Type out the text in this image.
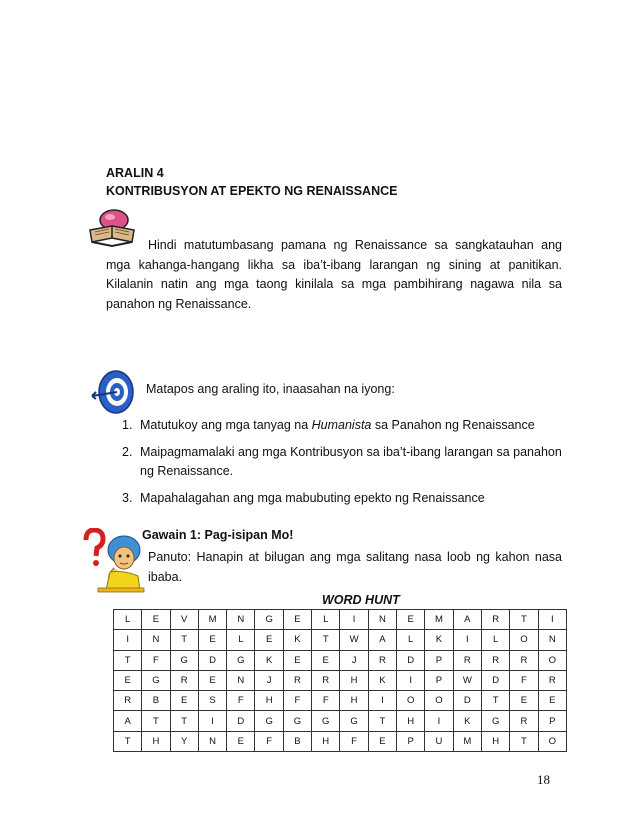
ARALIN 4
KONTRIBUSYON AT EPEKTO NG RENAISSANCE
Hindi matutumbasang pamana ng Renaissance sa sangkatauhan ang mga kahanga-hangang likha sa iba’t-ibang larangan ng sining at panitikan. Kilalanin natin ang mga taong kinilala sa mga pambihirang nagawa nila sa panahon ng Renaissance.
Matapos ang araling ito, inaasahan na iyong:
1. Matutukoy ang mga tanyag na Humanista sa Panahon ng Renaissance
2. Maipagmamalaki ang mga Kontribusyon sa iba’t-ibang larangan sa panahon ng Renaissance.
3. Mapahalagahan ang mga mabubuting epekto ng Renaissance
Gawain 1: Pag-isipan Mo!
Panuto: Hanapin at bilugan ang mga salitang nasa loob ng kahon nasa ibaba.
WORD HUNT
L	E	V	M	N	G	E	L	I	N	E	M	A	R	T	I
I	N	T	E	L	E	K	T	W	A	L	K	I	L	O	N
T	F	G	D	G	K	E	E	J	R	D	P	R	R	R	O
E	G	R	E	N	J	R	R	H	K	I	P	W	D	F	R
R	B	E	S	F	H	F	F	H	I	O	O	D	T	E	E
A	T	T	I	D	G	G	G	G	T	H	I	K	G	R	P
T	H	Y	N	E	F	B	H	F	E	P	U	M	H	T	O
18
